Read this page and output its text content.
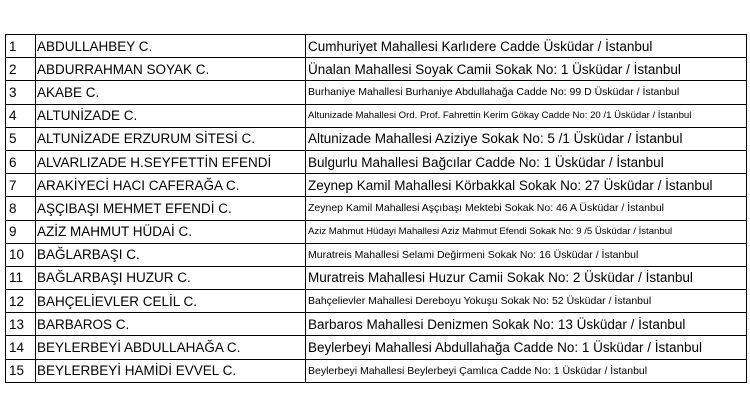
1	ABDULLAHBEY C.	Cumhuriyet Mahallesi Karlıdere Cadde Üsküdar / İstanbul
2	ABDURRAHMAN SOYAK C.	Ünalan Mahallesi Soyak Camii Sokak No: 1 Üsküdar / İstanbul
3	AKABE C.	Burhaniye Mahallesi Burhaniye Abdullahağa Cadde No: 99 D Üsküdar / İstanbul
4	ALTUNİZADE C.	Altunizade Mahallesi Ord. Prof. Fahrettin Kerim Gökay Cadde No: 20 /1 Üsküdar / İstanbul
5	ALTUNİZADE ERZURUM SİTESİ C.	Altunizade Mahallesi Aziziye Sokak No: 5 /1 Üsküdar / İstanbul
6	ALVARLIZADE H.SEYFETTİN EFENDİ	Bulgurlu Mahallesi Bağcılar Cadde No: 1 Üsküdar / İstanbul
7	ARAKİYECİ HACI CAFERAĞA C.	Zeynep Kamil Mahallesi Körbakkal Sokak No: 27 Üsküdar / İstanbul
8	AŞÇIBAŞI MEHMET EFENDİ C.	Zeynep Kamil Mahallesi Aşçıbaşı Mektebi Sokak No: 46 A Üsküdar / İstanbul
9	AZİZ MAHMUT HÜDAİ C.	Aziz Mahmut Hüdayi Mahallesi Aziz Mahmut Efendi Sokak No: 9 /5 Üsküdar / İstanbul
10	BAĞLARBAŞI C.	Muratreis Mahallesi Selami Değirmeni Sokak No: 16 Üsküdar / İstanbul
11	BAĞLARBAŞI HUZUR C.	Muratreis Mahallesi Huzur Camii Sokak No: 2 Üsküdar / İstanbul
12	BAHÇELİEVLER CELİL C.	Bahçelievler Mahallesi Dereboyu Yokuşu Sokak No: 52 Üsküdar / İstanbul
13	BARBAROS C.	Barbaros Mahallesi Denizmen Sokak No: 13 Üsküdar / İstanbul
14	BEYLERBEYİ ABDULLAHAĞA C.	Beylerbeyi Mahallesi Abdullahağa Cadde No: 1 Üsküdar / İstanbul
15	BEYLERBEYİ HAMİDİ EVVEL C.	Beylerbeyi Mahallesi Beylerbeyi Çamlıca Cadde No: 1 Üsküdar / İstanbul
